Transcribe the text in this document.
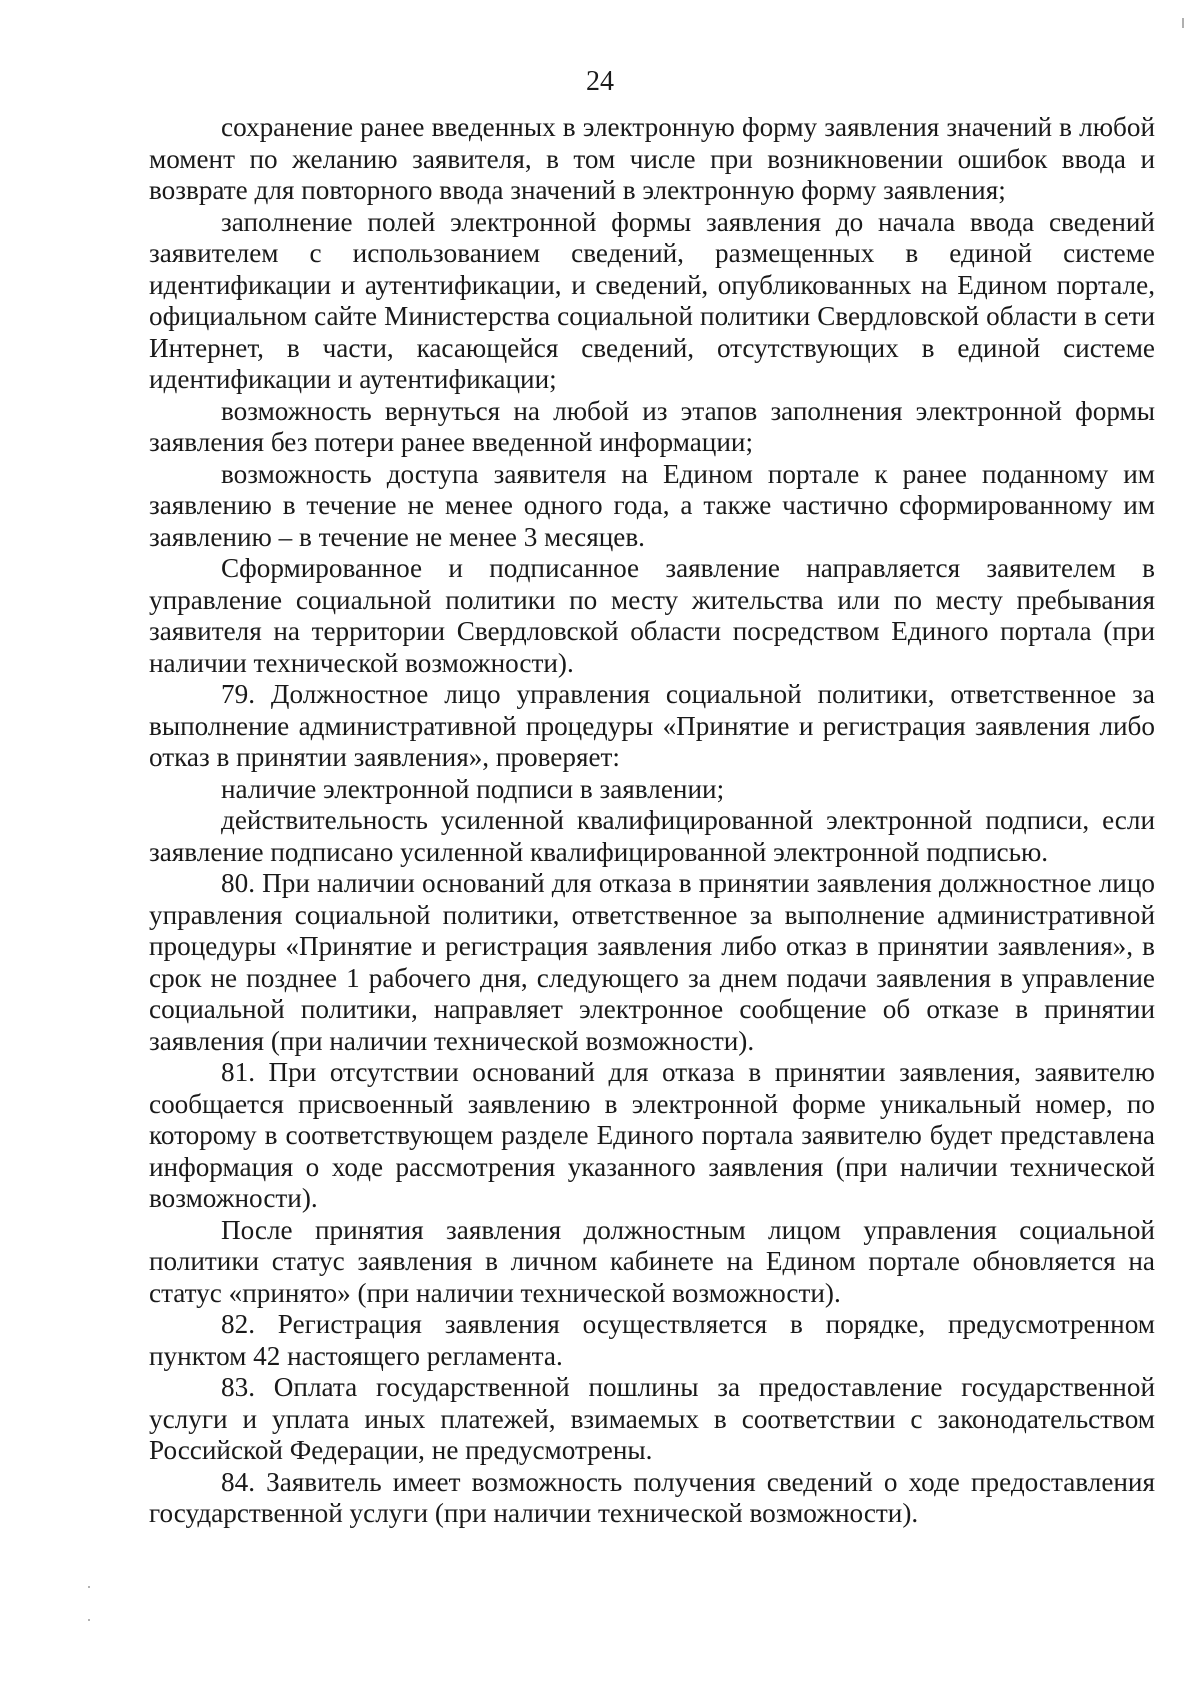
24

сохранение ранее введенных в электронную форму заявления значений в любой момент по желанию заявителя, в том числе при возникновении ошибок ввода и возврате для повторного ввода значений в электронную форму заявления;

заполнение полей электронной формы заявления до начала ввода сведений заявителем с использованием сведений, размещенных в единой системе идентификации и аутентификации, и сведений, опубликованных на Едином портале, официальном сайте Министерства социальной политики Свердловской области в сети Интернет, в части, касающейся сведений, отсутствующих в единой системе идентификации и аутентификации;

возможность вернуться на любой из этапов заполнения электронной формы заявления без потери ранее введенной информации;

возможность доступа заявителя на Едином портале к ранее поданному им заявлению в течение не менее одного года, а также частично сформированному им заявлению – в течение не менее 3 месяцев.

Сформированное и подписанное заявление направляется заявителем в управление социальной политики по месту жительства или по месту пребывания заявителя на территории Свердловской области посредством Единого портала (при наличии технической возможности).

79. Должностное лицо управления социальной политики, ответственное за выполнение административной процедуры «Принятие и регистрация заявления либо отказ в принятии заявления», проверяет:

наличие электронной подписи в заявлении;

действительность усиленной квалифицированной электронной подписи, если заявление подписано усиленной квалифицированной электронной подписью.

80. При наличии оснований для отказа в принятии заявления должностное лицо управления социальной политики, ответственное за выполнение административной процедуры «Принятие и регистрация заявления либо отказ в принятии заявления», в срок не позднее 1 рабочего дня, следующего за днем подачи заявления в управление социальной политики, направляет электронное сообщение об отказе в принятии заявления (при наличии технической возможности).

81. При отсутствии оснований для отказа в принятии заявления, заявителю сообщается присвоенный заявлению в электронной форме уникальный номер, по которому в соответствующем разделе Единого портала заявителю будет представлена информация о ходе рассмотрения указанного заявления (при наличии технической возможности).

После принятия заявления должностным лицом управления социальной политики статус заявления в личном кабинете на Едином портале обновляется на статус «принято» (при наличии технической возможности).

82. Регистрация заявления осуществляется в порядке, предусмотренном пунктом 42 настоящего регламента.

83. Оплата государственной пошлины за предоставление государственной услуги и уплата иных платежей, взимаемых в соответствии с законодательством Российской Федерации, не предусмотрены.

84. Заявитель имеет возможность получения сведений о ходе предоставления государственной услуги (при наличии технической возможности).
